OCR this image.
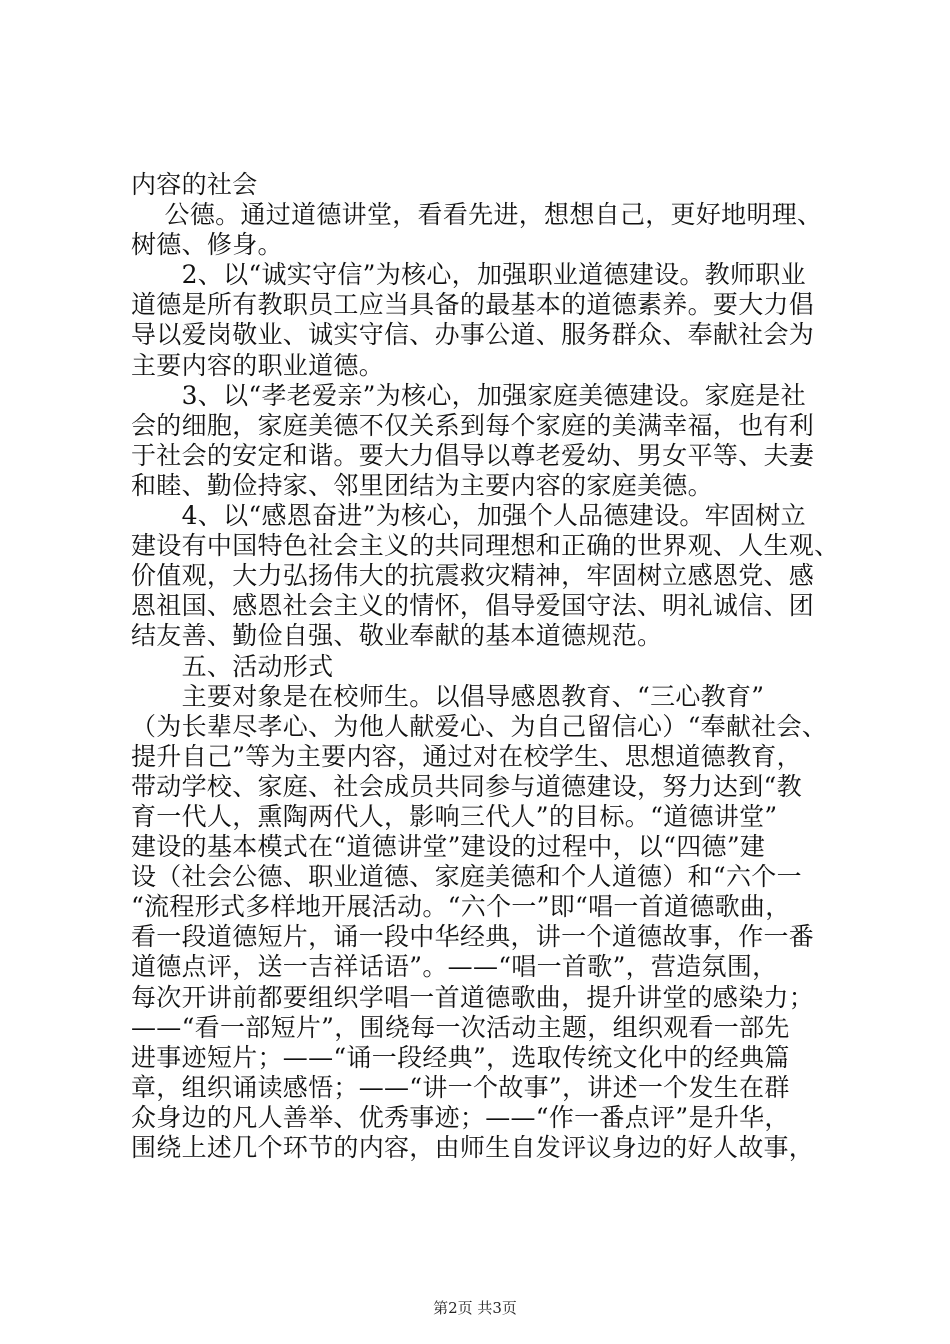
内容的社会
　 公德。通过道德讲堂，看看先进，想想自己，更好地明理、
树德、修身。
　　2、以“诚实守信”为核心，加强职业道德建设。教师职业
道德是所有教职员工应当具备的最基本的道德素养。要大力倡
导以爱岗敬业、诚实守信、办事公道、服务群众、奉献社会为
主要内容的职业道德。
　　3、以“孝老爱亲”为核心，加强家庭美德建设。家庭是社
会的细胞，家庭美德不仅关系到每个家庭的美满幸福，也有利
于社会的安定和谐。要大力倡导以尊老爱幼、男女平等、夫妻
和睦、勤俭持家、邻里团结为主要内容的家庭美德。
　　4、以“感恩奋进”为核心，加强个人品德建设。牢固树立
建设有中国特色社会主义的共同理想和正确的世界观、人生观、
价值观，大力弘扬伟大的抗震救灾精神，牢固树立感恩党、感
恩祖国、感恩社会主义的情怀，倡导爱国守法、明礼诚信、团
结友善、勤俭自强、敬业奉献的基本道德规范。
　　五、活动形式
　　主要对象是在校师生。以倡导感恩教育、“三心教育”
（为长辈尽孝心、为他人献爱心、为自己留信心）“奉献社会、
提升自己”等为主要内容，通过对在校学生、思想道德教育，
带动学校、家庭、社会成员共同参与道德建设，努力达到“教
育一代人，熏陶两代人，影响三代人”的目标。“道德讲堂”
建设的基本模式在“道德讲堂”建设的过程中，以“四德”建
设（社会公德、职业道德、家庭美德和个人道德）和“六个一
“流程形式多样地开展活动。“六个一”即“唱一首道德歌曲，
看一段道德短片，诵一段中华经典，讲一个道德故事，作一番
道德点评，送一吉祥话语”。——“唱一首歌”，营造氛围，
每次开讲前都要组织学唱一首道德歌曲，提升讲堂的感染力；
——“看一部短片”，围绕每一次活动主题，组织观看一部先
进事迹短片；——“诵一段经典”，选取传统文化中的经典篇
章，组织诵读感悟；——“讲一个故事”，讲述一个发生在群
众身边的凡人善举、优秀事迹；——“作一番点评”是升华，
围绕上述几个环节的内容，由师生自发评议身边的好人故事，
第2页 共3页
